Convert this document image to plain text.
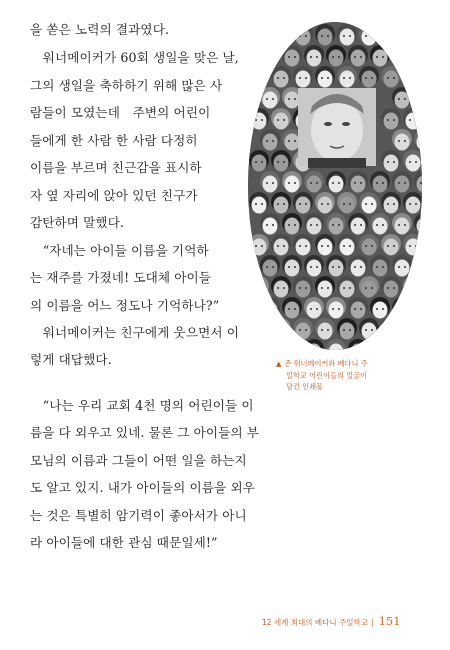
을 쏟은 노력의 결과였다.
　워너메이커가 60회 생일을 맞은 날,
그의 생일을 축하하기 위해 많은 사
람들이 모였는데　주변의 어린이
들에게 한 사람 한 사람 다정히
이름을 부르며 친근감을 표시하
자 옆 자리에 앉아 있던 친구가
감탄하며 말했다.
　“자네는 아이들 이름을 기억하
는 재주를 가졌네! 도대체 아이들
의 이름을 어느 정도나 기억하나?”
　워너메이커는 친구에게 웃으면서 이
렇게 대답했다.	▲ 존 워너메이커와 베다니 주
일학교 어린이들의 얼굴이
담긴 인쇄물
　“나는 우리 교회 4천 명의 어린이들 이
름을 다 외우고 있네. 물론 그 아이들의 부
모님의 이름과 그들이 어떤 일을 하는지
도 알고 있지. 내가 아이들의 이름을 외우
는 것은 특별히 암기력이 좋아서가 아니
라 아이들에 대한 관심 때문일세!”
12 세계 최대의 베다니 주일학교 | 151
